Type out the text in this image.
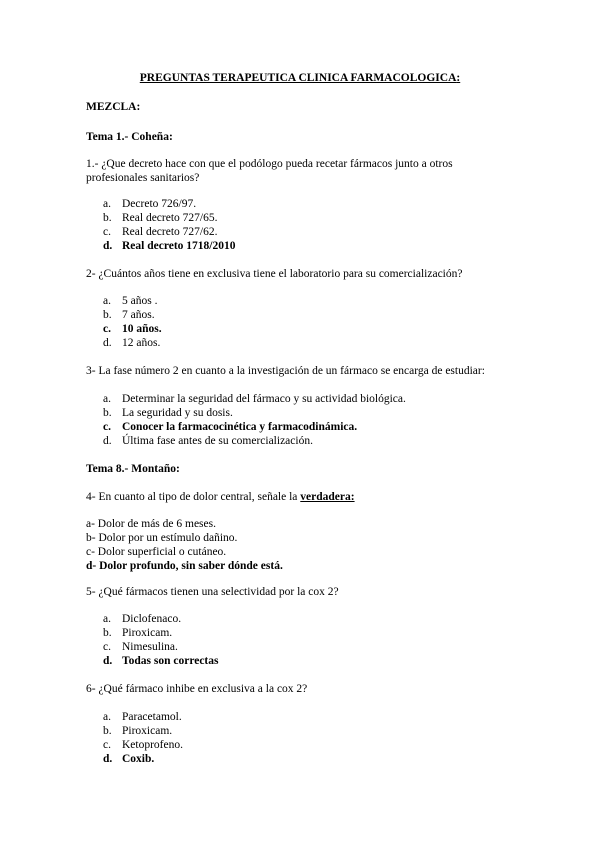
PREGUNTAS TERAPEUTICA CLINICA FARMACOLOGICA:
MEZCLA:
Tema 1.- Coheña:
1.- ¿Que decreto hace con que el podólogo pueda recetar fármacos junto a otros
profesionales sanitarios?
a. Decreto 726/97.
b. Real decreto 727/65.
c. Real decreto 727/62.
d. Real decreto 1718/2010
2- ¿Cuántos años tiene en exclusiva tiene el laboratorio para su comercialización?
a. 5 años .
b. 7 años.
c. 10 años.
d. 12 años.
3- La fase número 2 en cuanto a la investigación de un fármaco se encarga de estudiar:
a. Determinar la seguridad del fármaco y su actividad biológica.
b. La seguridad y su dosis.
c. Conocer la farmacocinética y farmacodinámica.
d. Última fase antes de su comercialización.
Tema 8.- Montaño:
4- En cuanto al tipo de dolor central, señale la verdadera:
a- Dolor de más de 6 meses.
b- Dolor por un estímulo dañino.
c- Dolor superficial o cutáneo.
d- Dolor profundo, sin saber dónde está.
5- ¿Qué fármacos tienen una selectividad por la cox 2?
a. Diclofenaco.
b. Piroxicam.
c. Nimesulina.
d. Todas son correctas
6- ¿Qué fármaco inhibe en exclusiva a la cox 2?
a. Paracetamol.
b. Piroxicam.
c. Ketoprofeno.
d. Coxib.
